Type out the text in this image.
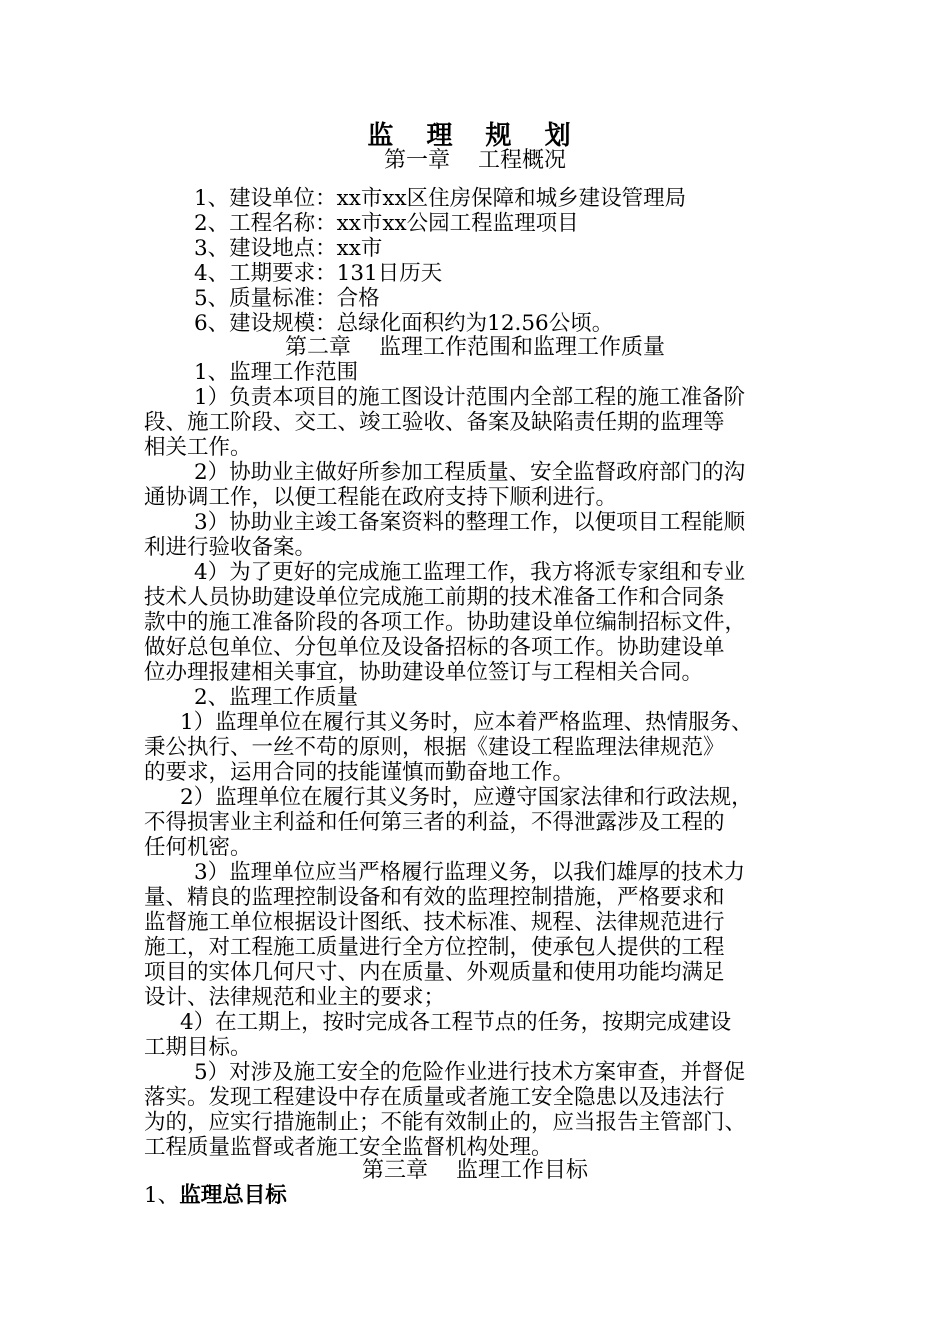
监 理 规 划
第一章    工程概况
1、建设单位：xx市xx区住房保障和城乡建设管理局
2、工程名称：xx市xx公园工程监理项目
3、建设地点：xx市
4、工期要求：131日历天
5、质量标准：合格
6、建设规模：总绿化面积约为12.56公顷。
第二章    监理工作范围和监理工作质量
1、监理工作范围
1）负责本项目的施工图设计范围内全部工程的施工准备阶
段、施工阶段、交工、竣工验收、备案及缺陷责任期的监理等
相关工作。
2）协助业主做好所参加工程质量、安全监督政府部门的沟
通协调工作，以便工程能在政府支持下顺利进行。
3）协助业主竣工备案资料的整理工作，以便项目工程能顺
利进行验收备案。
4）为了更好的完成施工监理工作，我方将派专家组和专业
技术人员协助建设单位完成施工前期的技术准备工作和合同条
款中的施工准备阶段的各项工作。协助建设单位编制招标文件，
做好总包单位、分包单位及设备招标的各项工作。协助建设单
位办理报建相关事宜，协助建设单位签订与工程相关合同。
2、监理工作质量
1）监理单位在履行其义务时，应本着严格监理、热情服务、
秉公执行、一丝不苟的原则，根据《建设工程监理法律规范》
的要求，运用合同的技能谨慎而勤奋地工作。
2）监理单位在履行其义务时，应遵守国家法律和行政法规，
不得损害业主利益和任何第三者的利益，不得泄露涉及工程的
任何机密。
3）监理单位应当严格履行监理义务，以我们雄厚的技术力
量、精良的监理控制设备和有效的监理控制措施，严格要求和
监督施工单位根据设计图纸、技术标准、规程、法律规范进行
施工，对工程施工质量进行全方位控制，使承包人提供的工程
项目的实体几何尺寸、内在质量、外观质量和使用功能均满足
设计、法律规范和业主的要求；
4）在工期上，按时完成各工程节点的任务，按期完成建设
工期目标。
5）对涉及施工安全的危险作业进行技术方案审查，并督促
落实。发现工程建设中存在质量或者施工安全隐患以及违法行
为的，应实行措施制止；不能有效制止的，应当报告主管部门、
工程质量监督或者施工安全监督机构处理。
第三章    监理工作目标
1、监理总目标
